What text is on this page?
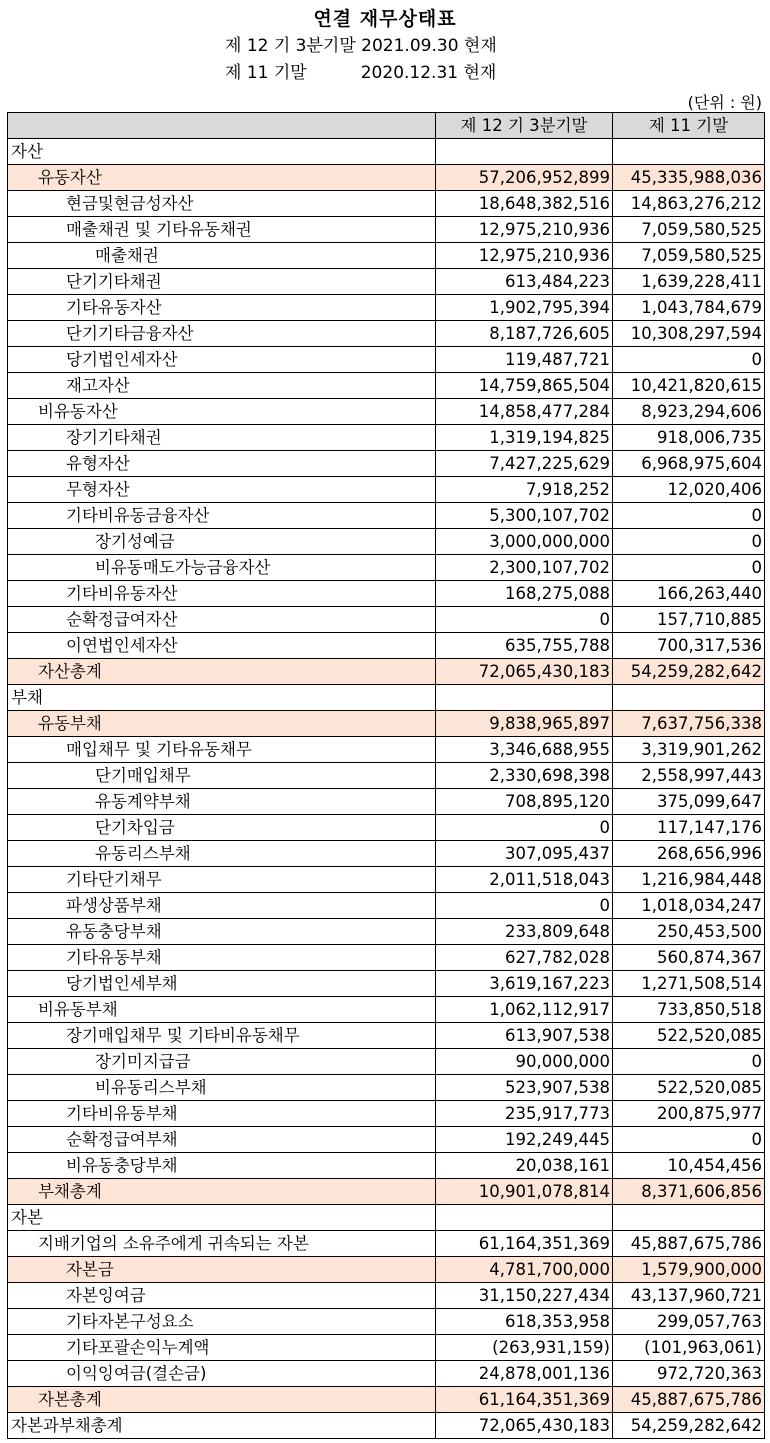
연결 재무상태표
제 12 기 3분기말 2021.09.30 현재
제 11 기말          2020.12.31 현재
(단위 : 원)
	제 12 기 3분기말	제 11 기말
자산		
유동자산	57,206,952,899	45,335,988,036
현금및현금성자산	18,648,382,516	14,863,276,212
매출채권 및 기타유동채권	12,975,210,936	7,059,580,525
매출채권	12,975,210,936	7,059,580,525
단기기타채권	613,484,223	1,639,228,411
기타유동자산	1,902,795,394	1,043,784,679
단기기타금융자산	8,187,726,605	10,308,297,594
당기법인세자산	119,487,721	0
재고자산	14,759,865,504	10,421,820,615
비유동자산	14,858,477,284	8,923,294,606
장기기타채권	1,319,194,825	918,006,735
유형자산	7,427,225,629	6,968,975,604
무형자산	7,918,252	12,020,406
기타비유동금융자산	5,300,107,702	0
장기성예금	3,000,000,000	0
비유동매도가능금융자산	2,300,107,702	0
기타비유동자산	168,275,088	166,263,440
순확정급여자산	0	157,710,885
이연법인세자산	635,755,788	700,317,536
자산총계	72,065,430,183	54,259,282,642
부채		
유동부채	9,838,965,897	7,637,756,338
매입채무 및 기타유동채무	3,346,688,955	3,319,901,262
단기매입채무	2,330,698,398	2,558,997,443
유동계약부채	708,895,120	375,099,647
단기차입금	0	117,147,176
유동리스부채	307,095,437	268,656,996
기타단기채무	2,011,518,043	1,216,984,448
파생상품부채	0	1,018,034,247
유동충당부채	233,809,648	250,453,500
기타유동부채	627,782,028	560,874,367
당기법인세부채	3,619,167,223	1,271,508,514
비유동부채	1,062,112,917	733,850,518
장기매입채무 및 기타비유동채무	613,907,538	522,520,085
장기미지급금	90,000,000	0
비유동리스부채	523,907,538	522,520,085
기타비유동부채	235,917,773	200,875,977
순확정급여부채	192,249,445	0
비유동충당부채	20,038,161	10,454,456
부채총계	10,901,078,814	8,371,606,856
자본		
지배기업의 소유주에게 귀속되는 자본	61,164,351,369	45,887,675,786
자본금	4,781,700,000	1,579,900,000
자본잉여금	31,150,227,434	43,137,960,721
기타자본구성요소	618,353,958	299,057,763
기타포괄손익누계액	(263,931,159)	(101,963,061)
이익잉여금(결손금)	24,878,001,136	972,720,363
자본총계	61,164,351,369	45,887,675,786
자본과부채총계	72,065,430,183	54,259,282,642
